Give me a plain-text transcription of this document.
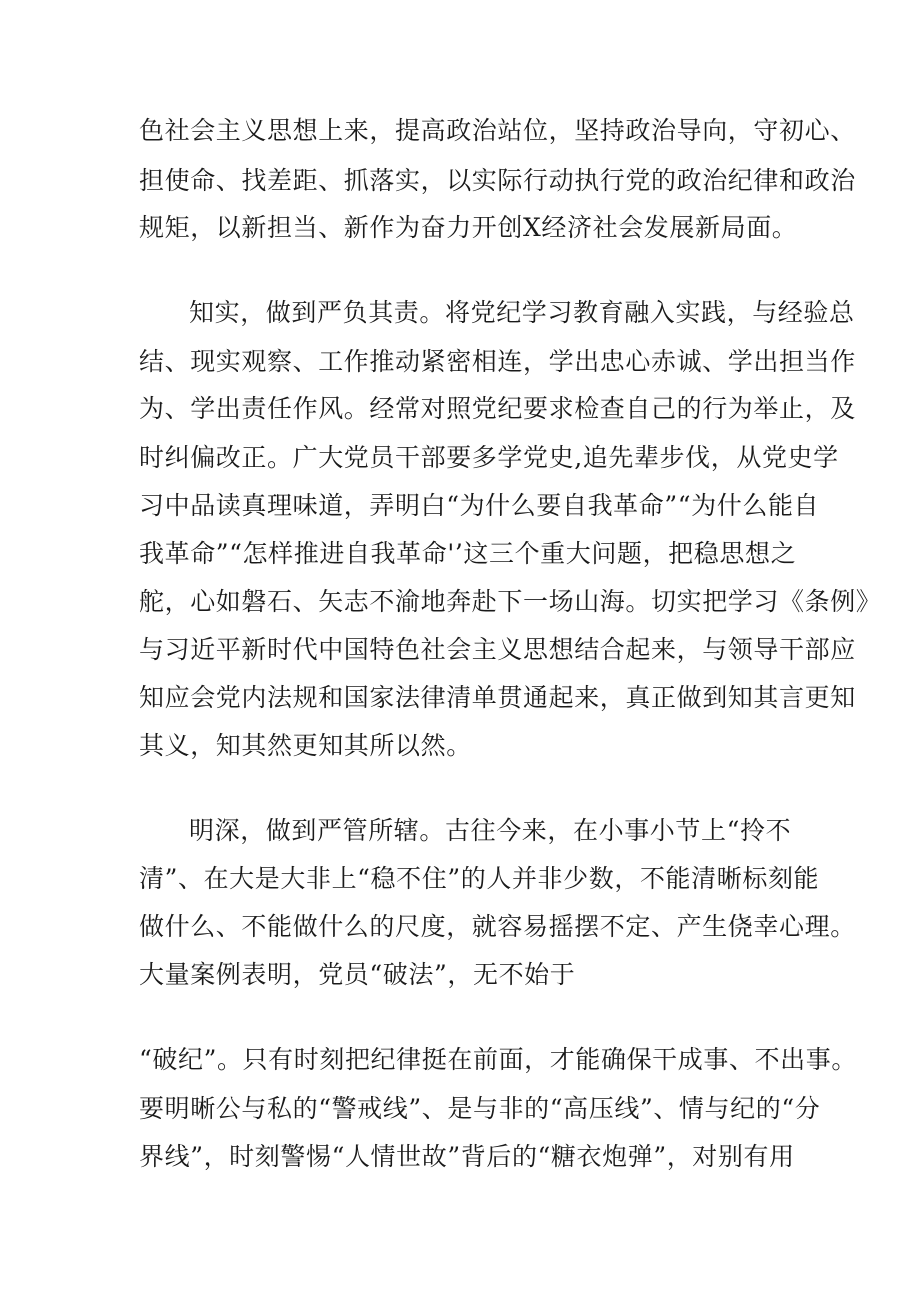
色社会主义思想上来，提高政治站位，坚持政治导向，守初心、
担使命、找差距、抓落实，以实际行动执行党的政治纪律和政治
规矩，以新担当、新作为奋力开创X经济社会发展新局面。
知实，做到严负其责。将党纪学习教育融入实践，与经验总
结、现实观察、工作推动紧密相连，学出忠心赤诚、学出担当作
为、学出责任作风。经常对照党纪要求检查自己的行为举止，及
时纠偏改正。广大党员干部要多学党史,追先辈步伐，从党史学
习中品读真理味道，弄明白“为什么要自我革命”“为什么能自
我革命”“怎样推进自我革命'’这三个重大问题，把稳思想之
舵，心如磐石、矢志不渝地奔赴下一场山海。切实把学习《条例》
与习近平新时代中国特色社会主义思想结合起来，与领导干部应
知应会党内法规和国家法律清单贯通起来，真正做到知其言更知
其义，知其然更知其所以然。
明深，做到严管所辖。古往今来，在小事小节上“拎不
清”、在大是大非上“稳不住”的人并非少数，不能清晰标刻能
做什么、不能做什么的尺度，就容易摇摆不定、产生侥幸心理。
大量案例表明，党员“破法”，无不始于
“破纪”。只有时刻把纪律挺在前面，才能确保干成事、不出事。
要明晰公与私的“警戒线”、是与非的“高压线”、情与纪的“分
界线”，时刻警惕“人情世故”背后的“糖衣炮弹”，对别有用
